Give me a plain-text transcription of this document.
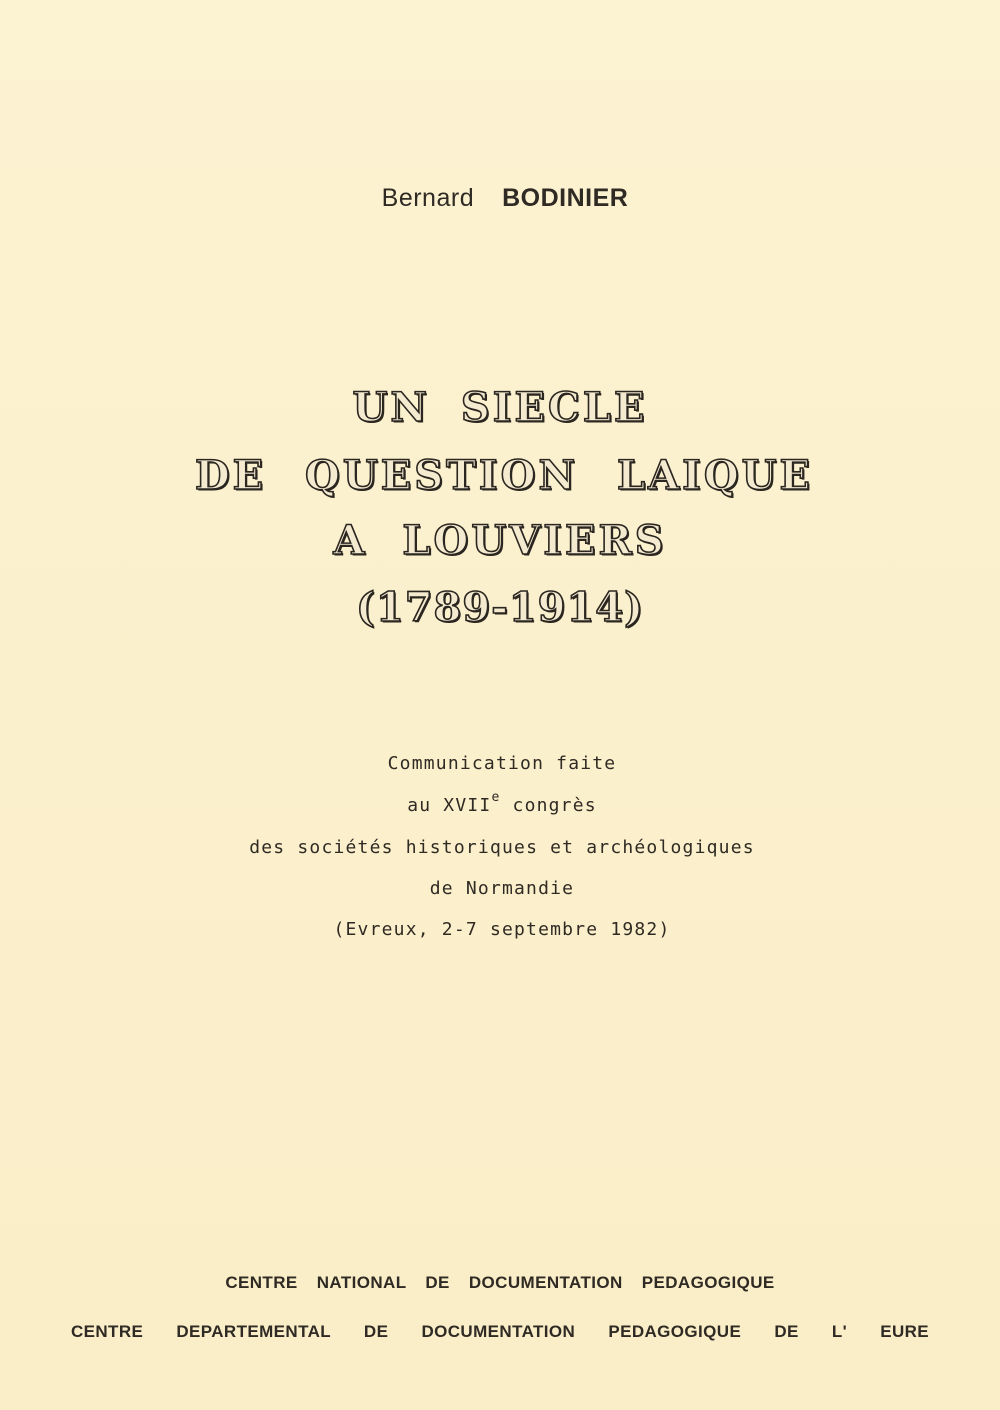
Bernard BODINIER
UN SIECLE
DE QUESTION LAIQUE
A LOUVIERS
(1789-1914)
Communication faite
au XVIIe congrès
des sociétés historiques et archéologiques
de Normandie
(Evreux, 2-7 septembre 1982)
CENTRE NATIONAL DE DOCUMENTATION PEDAGOGIQUE
CENTRE DEPARTEMENTAL DE DOCUMENTATION PEDAGOGIQUE DE L' EURE
